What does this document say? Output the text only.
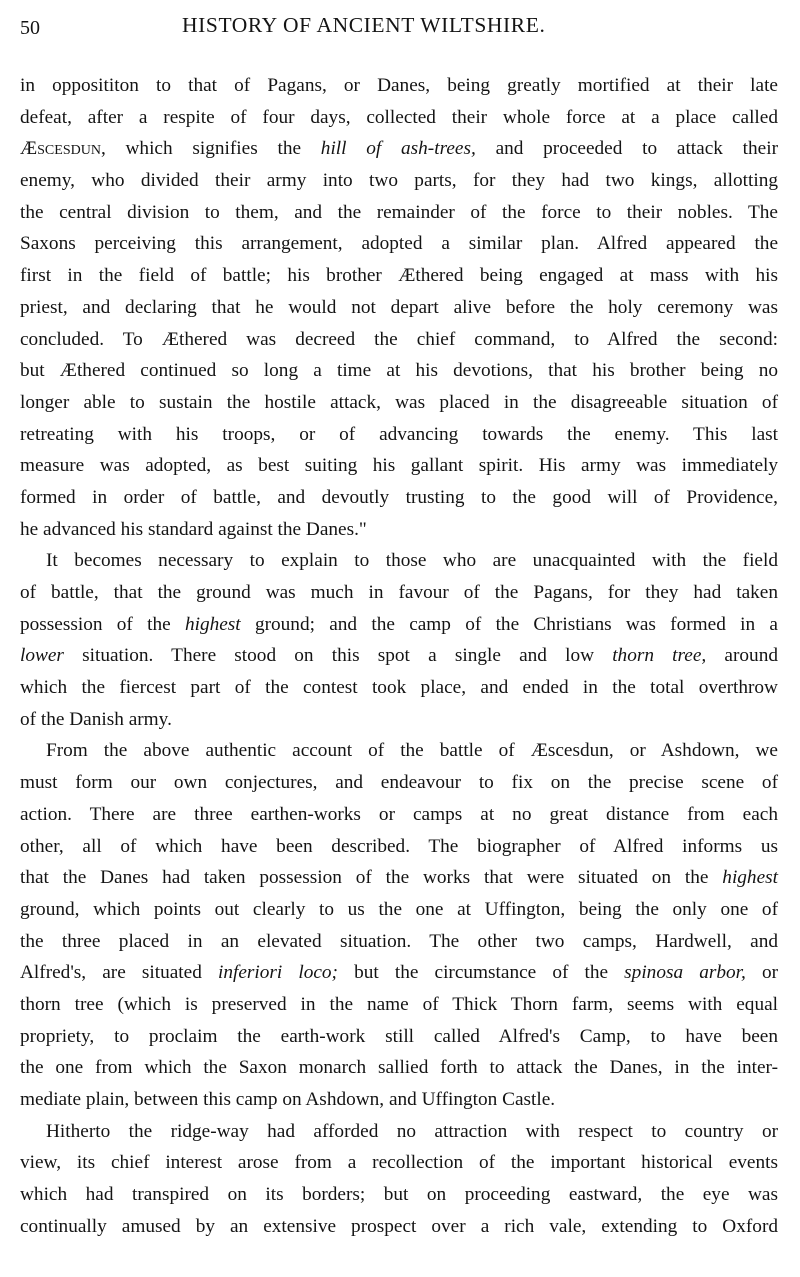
50	HISTORY OF ANCIENT WILTSHIRE.
in opposititon to that of Pagans, or Danes, being greatly mortified at their late
defeat, after a respite of four days, collected their whole force at a place called
Æscesdun, which signifies the hill of ash-trees, and proceeded to attack their
enemy, who divided their army into two parts, for they had two kings, allotting
the central division to them, and the remainder of the force to their nobles. The
Saxons perceiving this arrangement, adopted a similar plan. Alfred appeared the
first in the field of battle; his brother Æthered being engaged at mass with his
priest, and declaring that he would not depart alive before the holy ceremony was
concluded. To Æthered was decreed the chief command, to Alfred the second:
but Æthered continued so long a time at his devotions, that his brother being no
longer able to sustain the hostile attack, was placed in the disagreeable situation of
retreating with his troops, or of advancing towards the enemy. This last
measure was adopted, as best suiting his gallant spirit. His army was immediately
formed in order of battle, and devoutly trusting to the good will of Providence,
he advanced his standard against the Danes."
It becomes necessary to explain to those who are unacquainted with the field
of battle, that the ground was much in favour of the Pagans, for they had taken
possession of the highest ground; and the camp of the Christians was formed in a
lower situation. There stood on this spot a single and low thorn tree, around
which the fiercest part of the contest took place, and ended in the total overthrow
of the Danish army.
From the above authentic account of the battle of Æscesdun, or Ashdown, we
must form our own conjectures, and endeavour to fix on the precise scene of
action. There are three earthen-works or camps at no great distance from each
other, all of which have been described. The biographer of Alfred informs us
that the Danes had taken possession of the works that were situated on the highest
ground, which points out clearly to us the one at Uffington, being the only one of
the three placed in an elevated situation. The other two camps, Hardwell, and
Alfred's, are situated inferiori loco; but the circumstance of the spinosa arbor, or
thorn tree (which is preserved in the name of Thick Thorn farm, seems with equal
propriety, to proclaim the earth-work still called Alfred's Camp, to have been
the one from which the Saxon monarch sallied forth to attack the Danes, in the inter-
mediate plain, between this camp on Ashdown, and Uffington Castle.
Hitherto the ridge-way had afforded no attraction with respect to country or
view, its chief interest arose from a recollection of the important historical events
which had transpired on its borders; but on proceeding eastward, the eye was
continually amused by an extensive prospect over a rich vale, extending to Oxford
